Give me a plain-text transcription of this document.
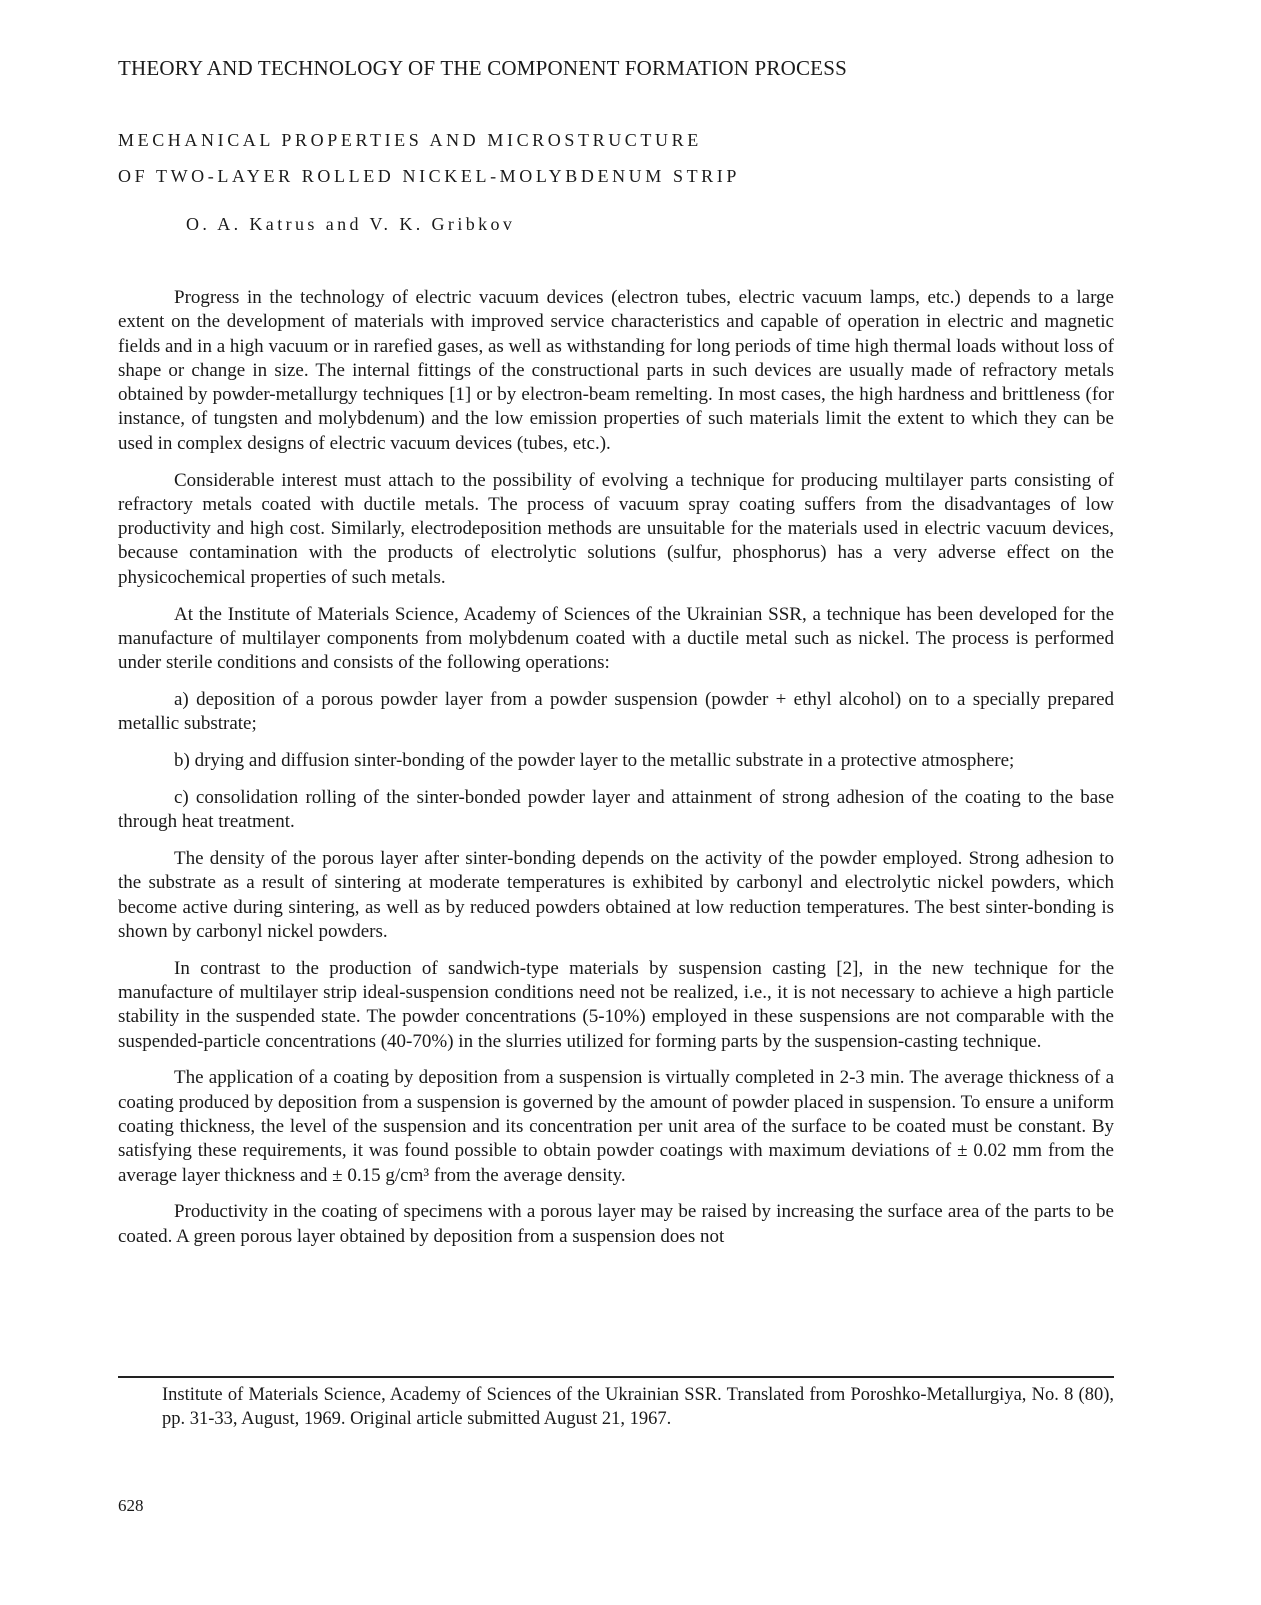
THEORY AND TECHNOLOGY OF THE COMPONENT FORMATION PROCESS
MECHANICAL PROPERTIES AND MICROSTRUCTURE
OF TWO-LAYER ROLLED NICKEL-MOLYBDENUM STRIP
O. A. Katrus and V. K. Gribkov

Progress in the technology of electric vacuum devices (electron tubes, electric vacuum lamps, etc.) depends to a large extent on the development of materials with improved service characteristics and capable of operation in electric and magnetic fields and in a high vacuum or in rarefied gases, as well as withstanding for long periods of time high thermal loads without loss of shape or change in size. The internal fittings of the constructional parts in such devices are usually made of refractory metals obtained by powder-metallurgy techniques [1] or by electron-beam remelting. In most cases, the high hardness and brittleness (for instance, of tungsten and molybdenum) and the low emission properties of such materials limit the extent to which they can be used in complex designs of electric vacuum devices (tubes, etc.).

Considerable interest must attach to the possibility of evolving a technique for producing multilayer parts consisting of refractory metals coated with ductile metals. The process of vacuum spray coating suffers from the disadvantages of low productivity and high cost. Similarly, electrodeposition methods are unsuitable for the materials used in electric vacuum devices, because contamination with the products of electrolytic solutions (sulfur, phosphorus) has a very adverse effect on the physicochemical properties of such metals.

At the Institute of Materials Science, Academy of Sciences of the Ukrainian SSR, a technique has been developed for the manufacture of multilayer components from molybdenum coated with a ductile metal such as nickel. The process is performed under sterile conditions and consists of the following operations:

a) deposition of a porous powder layer from a powder suspension (powder + ethyl alcohol) on to a specially prepared metallic substrate;

b) drying and diffusion sinter-bonding of the powder layer to the metallic substrate in a protective atmosphere;

c) consolidation rolling of the sinter-bonded powder layer and attainment of strong adhesion of the coating to the base through heat treatment.

The density of the porous layer after sinter-bonding depends on the activity of the powder employed. Strong adhesion to the substrate as a result of sintering at moderate temperatures is exhibited by carbonyl and electrolytic nickel powders, which become active during sintering, as well as by reduced powders obtained at low reduction temperatures. The best sinter-bonding is shown by carbonyl nickel powders.

In contrast to the production of sandwich-type materials by suspension casting [2], in the new technique for the manufacture of multilayer strip ideal-suspension conditions need not be realized, i.e., it is not necessary to achieve a high particle stability in the suspended state. The powder concentrations (5-10%) employed in these suspensions are not comparable with the suspended-particle concentrations (40-70%) in the slurries utilized for forming parts by the suspension-casting technique.

The application of a coating by deposition from a suspension is virtually completed in 2-3 min. The average thickness of a coating produced by deposition from a suspension is governed by the amount of powder placed in suspension. To ensure a uniform coating thickness, the level of the suspension and its concentration per unit area of the surface to be coated must be constant. By satisfying these requirements, it was found possible to obtain powder coatings with maximum deviations of ± 0.02 mm from the average layer thickness and ± 0.15 g/cm³ from the average density.

Productivity in the coating of specimens with a porous layer may be raised by increasing the surface area of the parts to be coated. A green porous layer obtained by deposition from a suspension does not

Institute of Materials Science, Academy of Sciences of the Ukrainian SSR. Translated from Poroshko-Metallurgiya, No. 8 (80), pp. 31-33, August, 1969. Original article submitted August 21, 1967.
628
